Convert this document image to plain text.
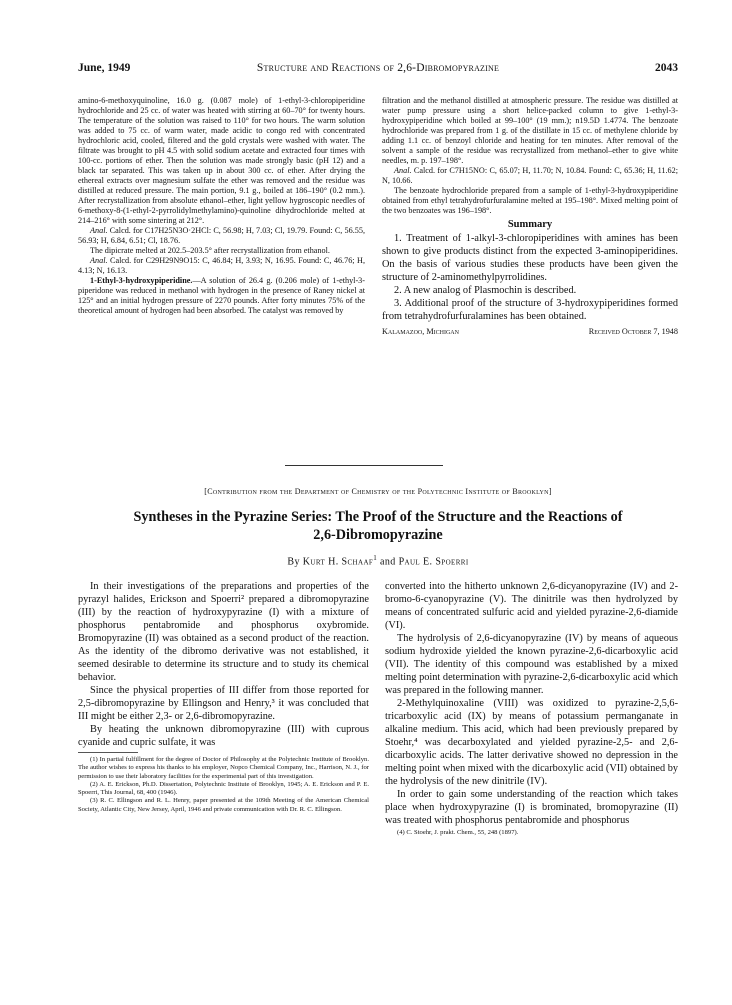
June, 1949	Structure and Reactions of 2,6-Dibromopyrazine	2043

amino-6-methoxyquinoline, 16.0 g. (0.087 mole) of 1-ethyl-3-chloropiperidine hydrochloride and 25 cc. of water was heated with stirring at 60–70° for twenty hours. The temperature of the solution was raised to 110° for two hours. The warm solution was added to 75 cc. of warm water, made acidic to congo red with concentrated hydrochloric acid, cooled, filtered and the gold crystals were washed with water. The filtrate was brought to pH 4.5 with solid sodium acetate and extracted four times with 100-cc. portions of ether. Then the solution was made strongly basic (pH 12) and a black tar separated. This was taken up in about 300 cc. of ether. After drying the ethereal extracts over magnesium sulfate the ether was removed and the residue was distilled at reduced pressure. The main portion, 9.1 g., boiled at 186–190° (0.2 mm.). After recrystallization from absolute ethanol–ether, light yellow hygroscopic needles of 6-methoxy-8-(1-ethyl-2-pyrrolidylmethylamino)-quinoline dihydrochloride melted at 214–216° with some sintering at 212°.

Anal. Calcd. for C17H25N3O·2HCl: C, 56.98; H, 7.03; Cl, 19.79. Found: C, 56.55, 56.93; H, 6.84, 6.51; Cl, 18.76.

The dipicrate melted at 202.5–203.5° after recrystallization from ethanol.

Anal. Calcd. for C29H29N9O15: C, 46.84; H, 3.93; N, 16.95. Found: C, 46.76; H, 4.13; N, 16.13.

1-Ethyl-3-hydroxypiperidine.—A solution of 26.4 g. (0.206 mole) of 1-ethyl-3-piperidone was reduced in methanol with hydrogen in the presence of Raney nickel at 125° and an initial hydrogen pressure of 2270 pounds. After forty minutes 75% of the theoretical amount of hydrogen had been absorbed. The catalyst was removed by

filtration and the methanol distilled at atmospheric pressure. The residue was distilled at water pump pressure using a short helice-packed column to give 1-ethyl-3-hydroxypiperidine which boiled at 99–100° (19 mm.); n19.5D 1.4774. The benzoate hydrochloride was prepared from 1 g. of the distillate in 15 cc. of methylene chloride by adding 1.1 cc. of benzoyl chloride and heating for ten minutes. After removal of the solvent a sample of the residue was recrystallized from methanol–ether to give white needles, m. p. 197–198°.

Anal. Calcd. for C7H15NO: C, 65.07; H, 11.70; N, 10.84. Found: C, 65.36; H, 11.62; N, 10.66.

The benzoate hydrochloride prepared from a sample of 1-ethyl-3-hydroxypiperidine obtained from ethyl tetrahydrofurfuralamine melted at 195–198°. Mixed melting point of the two benzoates was 196–198°.

Summary

1. Treatment of 1-alkyl-3-chloropiperidines with amines has been shown to give products distinct from the expected 3-aminopiperidines. On the basis of various studies these products have been given the structure of 2-aminomethylpyrrolidines.

2. A new analog of Plasmochin is described.

3. Additional proof of the structure of 3-hydroxypiperidines formed from tetrahydrofurfuralamines has been obtained.

Kalamazoo, Michigan	Received October 7, 1948
[Contribution from the Department of Chemistry of the Polytechnic Institute of Brooklyn]
Syntheses in the Pyrazine Series: The Proof of the Structure and the Reactions of
2,6-Dibromopyrazine
By Kurt H. Schaaf$^1$ and Paul E. Spoerri

In their investigations of the preparations and properties of the pyrazyl halides, Erickson and Spoerri² prepared a dibromopyrazine (III) by the reaction of hydroxypyrazine (I) with a mixture of phosphorus pentabromide and phosphorus oxybromide. Bromopyrazine (II) was obtained as a second product of the reaction. As the identity of the dibromo derivative was not established, it seemed desirable to determine its structure and to study its chemical behavior.

Since the physical properties of III differ from those reported for 2,5-dibromopyrazine by Ellingson and Henry,³ it was concluded that III might be either 2,3- or 2,6-dibromopyrazine.

By heating the unknown dibromopyrazine (III) with cuprous cyanide and cupric sulfate, it was

(1) In partial fulfillment for the degree of Doctor of Philosophy at the Polytechnic Institute of Brooklyn. The author wishes to express his thanks to his employer, Nopco Chemical Company, Inc., Harrison, N. J., for permission to use their laboratory facilities for the experimental part of this investigation.

(2) A. E. Erickson, Ph.D. Dissertation, Polytechnic Institute of Brooklyn, 1945; A. E. Erickson and P. E. Spoerri, This Journal, 68, 400 (1946).

(3) R. C. Ellingson and R. L. Henry, paper presented at the 109th Meeting of the American Chemical Society, Atlantic City, New Jersey, April, 1946 and private communication with Dr. R. C. Ellingson.

converted into the hitherto unknown 2,6-dicyanopyrazine (IV) and 2-bromo-6-cyanopyrazine (V). The dinitrile was then hydrolyzed by means of concentrated sulfuric acid and yielded pyrazine-2,6-diamide (VI).

The hydrolysis of 2,6-dicyanopyrazine (IV) by means of aqueous sodium hydroxide yielded the known pyrazine-2,6-dicarboxylic acid (VII). The identity of this compound was established by a mixed melting point determination with pyrazine-2,6-dicarboxylic acid which was prepared in the following manner.

2-Methylquinoxaline (VIII) was oxidized to pyrazine-2,5,6-tricarboxylic acid (IX) by means of potassium permanganate in alkaline medium. This acid, which had been previously prepared by Stoehr,⁴ was decarboxylated and yielded pyrazine-2,5- and 2,6-dicarboxylic acids. The latter derivative showed no depression in the melting point when mixed with the dicarboxylic acid (VII) obtained by the hydrolysis of the new dinitrile (IV).

In order to gain some understanding of the reaction which takes place when hydroxypyrazine (I) is brominated, bromopyrazine (II) was treated with phosphorus pentabromide and phosphorus

(4) C. Stoehr, J. prakt. Chem., 55, 248 (1897).
